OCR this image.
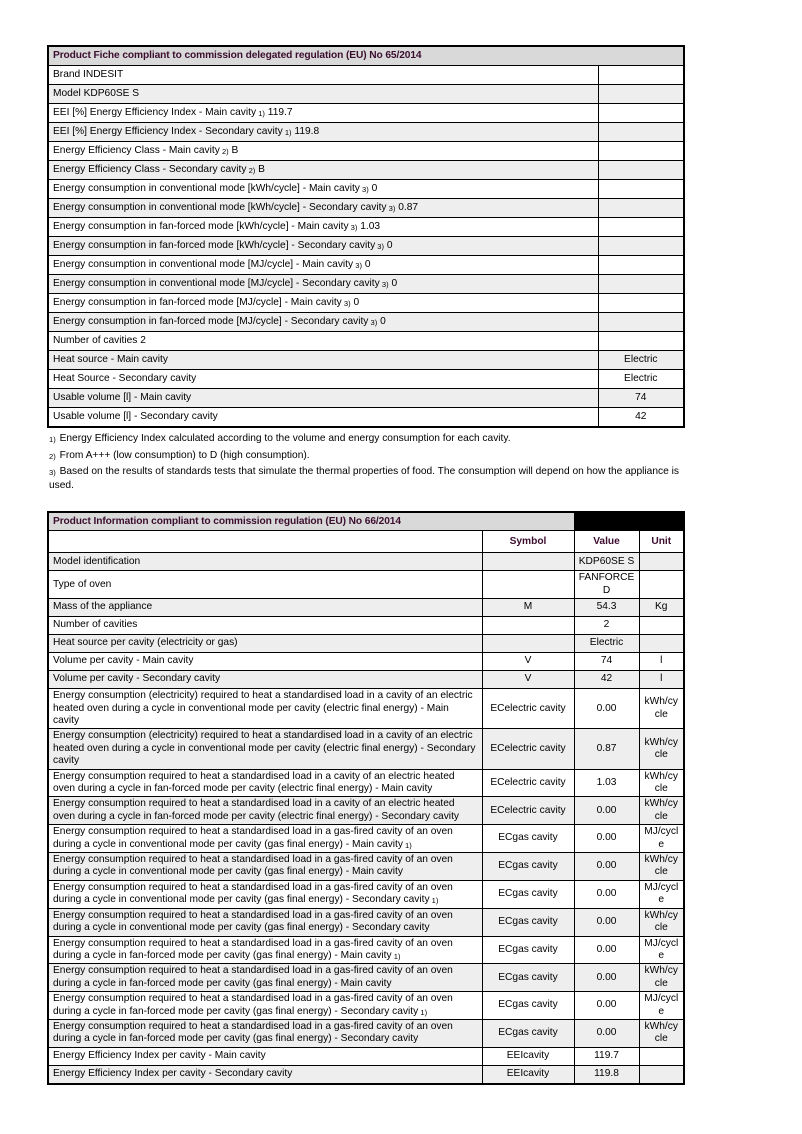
Product Fiche compliant to commission delegated regulation (EU) No 65/2014	
Brand INDESIT	
Model KDP60SE S	
EEI [%] Energy Efficiency Index - Main cavity 1) 119.7	
EEI [%] Energy Efficiency Index - Secondary cavity 1) 119.8	
Energy Efficiency Class - Main cavity 2) B	
Energy Efficiency Class - Secondary cavity 2) B	
Energy consumption in conventional mode [kWh/cycle] - Main cavity 3) 0	
Energy consumption in conventional mode [kWh/cycle] - Secondary cavity 3) 0.87	
Energy consumption in fan-forced mode [kWh/cycle] - Main cavity 3) 1.03	
Energy consumption in fan-forced mode [kWh/cycle] - Secondary cavity 3) 0	
Energy consumption in conventional mode [MJ/cycle] - Main cavity 3) 0	
Energy consumption in conventional mode [MJ/cycle] - Secondary cavity 3) 0	
Energy consumption in fan-forced mode [MJ/cycle] - Main cavity 3) 0	
Energy consumption in fan-forced mode [MJ/cycle] - Secondary cavity 3) 0	
Number of cavities 2	
Heat source - Main cavity	Electric
Heat Source - Secondary cavity	Electric
Usable volume [l] - Main cavity	74
Usable volume [l] - Secondary cavity	42
$^{1)}$ Energy Efficiency Index calculated according to the volume and energy consumption for each cavity.
$^{2)}$ From A+++ (low consumption) to D (high consumption).
$^{3)}$ Based on the results of standards tests that simulate the thermal properties of food. The consumption will depend on how the appliance is used.
Product Information compliant to commission regulation (EU) No 66/2014			
	Symbol	Value	Unit
Model identification		KDP60SE S	
Type of oven		FANFORCED	
Mass of the appliance	M	54.3	Kg
Number of cavities		2	
Heat source per cavity (electricity or gas)		Electric	
Volume per cavity - Main cavity	V	74	l
Volume per cavity - Secondary cavity	V	42	l
Energy consumption (electricity) required to heat a standardised load in a cavity of an electric heated oven during a cycle in conventional mode per cavity (electric final energy) - Main cavity	ECelectric cavity	0.00	kWh/cycle
Energy consumption (electricity) required to heat a standardised load in a cavity of an electric heated oven during a cycle in conventional mode per cavity (electric final energy) - Secondary cavity	ECelectric cavity	0.87	kWh/cycle
Energy consumption required to heat a standardised load in a cavity of an electric heated oven during a cycle in fan-forced mode per cavity (electric final energy) - Main cavity	ECelectric cavity	1.03	kWh/cycle
Energy consumption required to heat a standardised load in a cavity of an electric heated oven during a cycle in fan-forced mode per cavity (electric final energy) - Secondary cavity	ECelectric cavity	0.00	kWh/cycle
Energy consumption required to heat a standardised load in a gas-fired cavity of an oven during a cycle in conventional mode per cavity (gas final energy) - Main cavity 1)	ECgas cavity	0.00	MJ/cycle
Energy consumption required to heat a standardised load in a gas-fired cavity of an oven during a cycle in conventional mode per cavity (gas final energy) - Main cavity	ECgas cavity	0.00	kWh/cycle
Energy consumption required to heat a standardised load in a gas-fired cavity of an oven during a cycle in conventional mode per cavity (gas final energy) - Secondary cavity 1)	ECgas cavity	0.00	MJ/cycle
Energy consumption required to heat a standardised load in a gas-fired cavity of an oven during a cycle in conventional mode per cavity (gas final energy) - Secondary cavity	ECgas cavity	0.00	kWh/cycle
Energy consumption required to heat a standardised load in a gas-fired cavity of an oven during a cycle in fan-forced mode per cavity (gas final energy) - Main cavity 1)	ECgas cavity	0.00	MJ/cycle
Energy consumption required to heat a standardised load in a gas-fired cavity of an oven during a cycle in fan-forced mode per cavity (gas final energy) - Main cavity	ECgas cavity	0.00	kWh/cycle
Energy consumption required to heat a standardised load in a gas-fired cavity of an oven during a cycle in fan-forced mode per cavity (gas final energy) - Secondary cavity 1)	ECgas cavity	0.00	MJ/cycle
Energy consumption required to heat a standardised load in a gas-fired cavity of an oven during a cycle in fan-forced mode per cavity (gas final energy) - Secondary cavity	ECgas cavity	0.00	kWh/cycle
Energy Efficiency Index per cavity - Main cavity	EEIcavity	119.7	
Energy Efficiency Index per cavity - Secondary cavity	EEIcavity	119.8	
